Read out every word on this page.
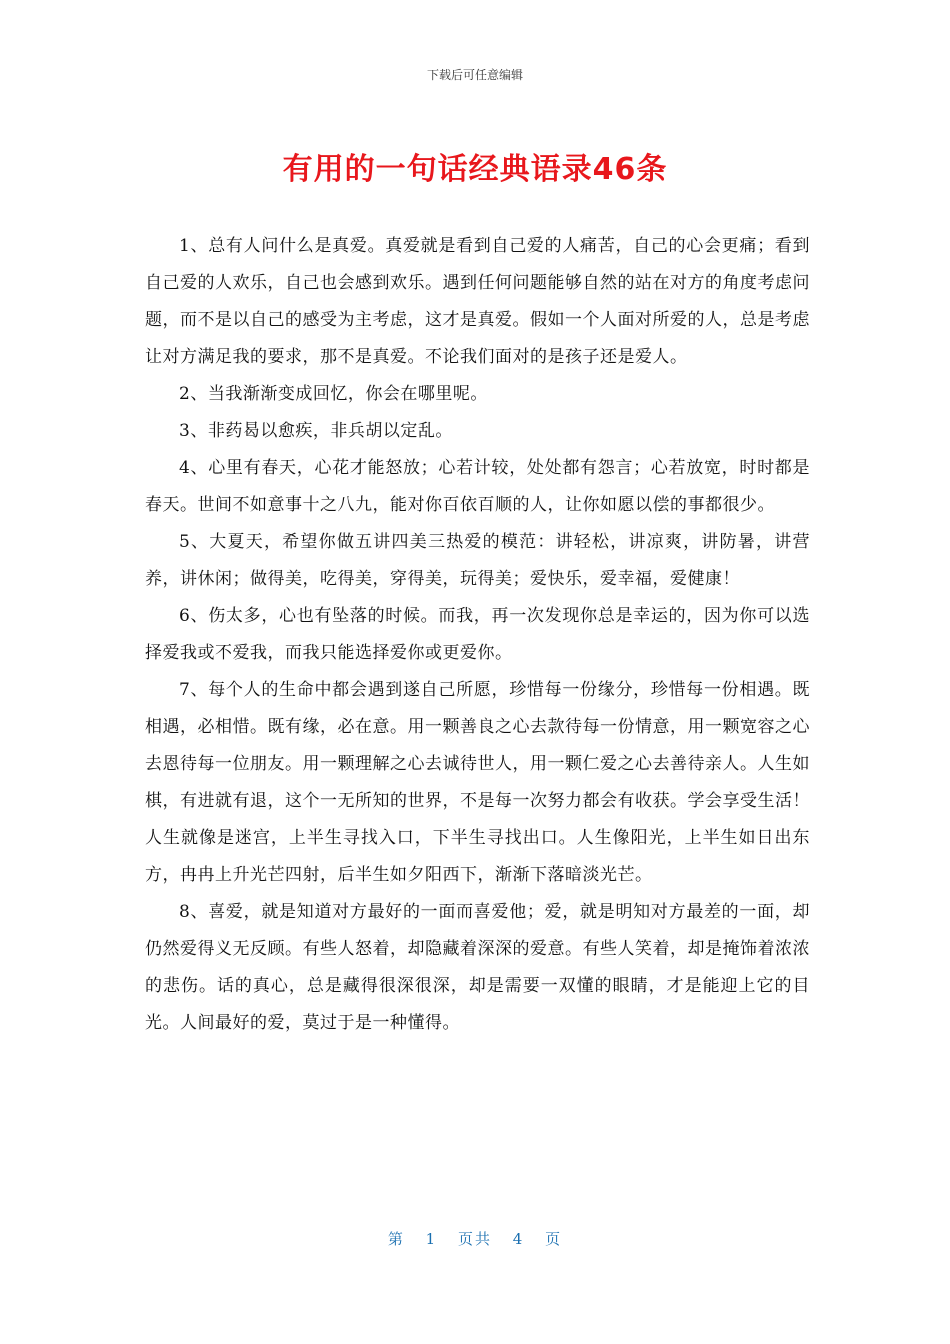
下载后可任意编辑
有用的一句话经典语录46条

1、总有人问什么是真爱。真爱就是看到自己爱的人痛苦，自己的心会更痛；看到自己爱的人欢乐，自己也会感到欢乐。遇到任何问题能够自然的站在对方的角度考虑问题，而不是以自己的感受为主考虑，这才是真爱。假如一个人面对所爱的人，总是考虑让对方满足我的要求，那不是真爱。不论我们面对的是孩子还是爱人。

2、当我渐渐变成回忆，你会在哪里呢。

3、非药曷以愈疾，非兵胡以定乱。

4、心里有春天，心花才能怒放；心若计较，处处都有怨言；心若放宽，时时都是春天。世间不如意事十之八九，能对你百依百顺的人，让你如愿以偿的事都很少。

5、大夏天，希望你做五讲四美三热爱的模范：讲轻松，讲凉爽，讲防暑，讲营养，讲休闲；做得美，吃得美，穿得美，玩得美；爱快乐，爱幸福，爱健康！

6、伤太多，心也有坠落的时候。而我，再一次发现你总是幸运的，因为你可以选择爱我或不爱我，而我只能选择爱你或更爱你。

7、每个人的生命中都会遇到遂自己所愿，珍惜每一份缘分，珍惜每一份相遇。既相遇，必相惜。既有缘，必在意。用一颗善良之心去款待每一份情意，用一颗宽容之心去恩待每一位朋友。用一颗理解之心去诚待世人，用一颗仁爱之心去善待亲人。人生如棋，有进就有退，这个一无所知的世界，不是每一次努力都会有收获。学会享受生活！人生就像是迷宫，上半生寻找入口，下半生寻找出口。人生像阳光，上半生如日出东方，冉冉上升光芒四射，后半生如夕阳西下，渐渐下落暗淡光芒。

8、喜爱，就是知道对方最好的一面而喜爱他；爱，就是明知对方最差的一面，却仍然爱得义无反顾。有些人怒着，却隐藏着深深的爱意。有些人笑着，却是掩饰着浓浓的悲伤。话的真心，总是藏得很深很深，却是需要一双懂的眼睛，才是能迎上它的目光。人间最好的爱，莫过于是一种懂得。

第 1 页共 4 页
